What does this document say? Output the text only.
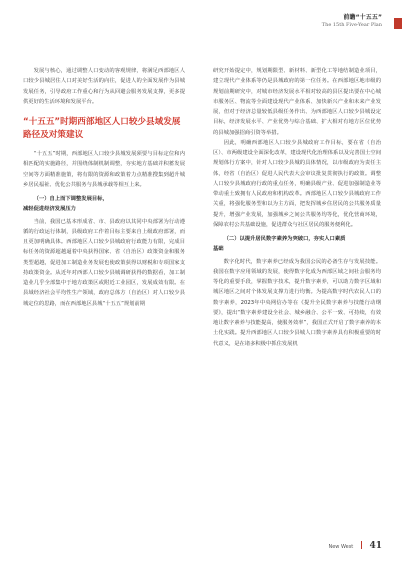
前瞻“十五五”
The 15th Five-Year Plan

发展与核心，通过调整人口变动的客观规律，将满足西部地区人口较少县城居住人口对美好生活的向往，促进人的全面发展作为县城发展任务，引导政府工作重心和行为从回避会服务发展支撑，更多提供更好的生活环境和发展平台。

“十五五”时期西部地区人口较少县域发展路径及对策建议

“十五五”时期，西部地区人口较少县城发展须要与目标定位和内相匹配的实施路径，并围绕体制机制调整，夯实地方基础并积蓄发展空间等方面精准施策，将有限的资源和政策着力点精准搜集到超升城乡居民福祉、优化公共服务与县城承载等相互上来。

（一）自上而下调整发展目标，
减轻促进经济发展压力

当前，我国已基本形成省、市、县政府以其同中央部署为行动遵循的行政运行体制，县级政府工作着目标主要来自上级政府部署，而且更加明确具体。西部地区人口较少县城政府行政能力有限，完成目标任务的资源超越逼着中央获得国家、省（自治区）政策资金和服务类型超越，促进加工制造业务发展也使政策获得以财税和专项国家支持政策资金。从近年对西部人口较少县城调研获得的数据看，加工制造业几乎全部集中于地方政策区或附近工业园区，发展成效有限。在县域经济社会平均性生产领域，政府总体方（自治区）对人口较少县城定位的思路，而在西部地区县城“十五五”规划前期

研究开始提定中，规划期限型、新材料、新型化工等地结制造业项目，建立现代产业体系等仍是县城政府的第一位任务。在西部地区地市级的规划前期研究中，对城市经济发展水平相对较高的县区提出要在中心城市服务区、物流等全面建设现代产业体系、加快新兴产业和未来产业发展，但对于经济总量较低县级任务作出、为西部地区人口较少县城设定目标，经济发展水平、产业优势与综合基础、扩大相对有地方区位优势的县城加强招商引资等举措。

因此，明确西部地区人口较少县城政府工作目标，要在省（自治区）、市两级建设全面深化改革，建设现代化治理体系以及完善国土空间规划体行方案中，针对人口较少县城的具体情况，以市级政府为责任主体，经省（自治区）促进人民代表大会审议批复贯彻执行的政策。调整人口较少县城政府行政的重点任务，明确县级产业、促进加强制造业等带动重土致拥有人民政府和机构改革。西部地区人口较少县城政府工作关重，将强化服务型和以为主方面，把发挥城乡住居民的公共服务质量提升，增强产业发展，加强城乡之间公共服务均等化，优化营商环境，保障农村公共基础设施，促进群众与社区居民的服务便利化。

（二）以提升居民数字素养为突破口，夯实人口素质
基础

数字化时代，数字素养已经成为我国公民的必备生存与发展技能。我国在数字应用领域的发展，使得数字化成为西部区域之间社会服务均等化的重要手段，掌握数字技术，提升数字素养，可以助力数字区域和城区地区之间对个体发展支撑力进行均衡。为提高数字时代农民人口的数字素养，2023年中央网信办等在《提升全民数字素养与技能行动纲要》，提出“数字素养建设全社会、城乡融合、公平一致、可持续，有效地让数字素养与技能提高，使服务效率”，我国正式开启了数字素养的本土化实践。提升西部地区人口较少县城人口数字素养具有积极重要的时代意义，是在诸多积极中抓住发展机

New West 41
